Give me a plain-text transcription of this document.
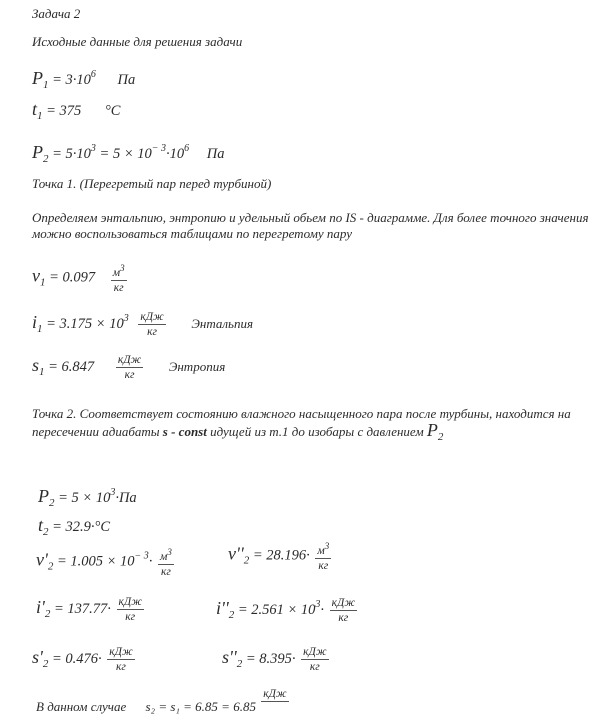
Задача 2
Исходные данные для решения задачи
$P_1 = 3\cdot 10^6$ Па
$t_1 = 375$ °C
$P_2 = 5\cdot 10^3 = 5 \times 10^{- 3}\cdot 10^6$ Па
Точка 1. (Перегретый пар перед турбиной)
Определяем энтальпию, энтропию и удельный обьем по IS - диаграмме. Для более точного значения можно воспользоваться таблицами по перегретому пару
$v_1 = 0.097 \frac{м^3}{кг}$
$i_1 = 3.175 \times 10^3 \frac{\text{кДж}}{кг}$ Энтальпия
$s_1 = 6.847 \frac{\text{кДж}}{кг}$ Энтропия
Точка 2. Соответствует состоянию влажного насыщенного пара после турбины, находится на пересечении адиабаты s - const идущей из т.1 до изобары с давлением $P_2$
$P_2 = 5 \times 10^3\cdot Па$
$t_2 = 32.9\cdot^\circ C$
$v'_2 = 1.005 \times 10^{- 3}\cdot \frac{м^3}{кг}$	$v''_2 = 28.196\cdot \frac{м^3}{кг}$
$i'_2 = 137.77\cdot \frac{\text{кДж}}{кг}$	$i''_2 = 2.561 \times 10^3\cdot \frac{\text{кДж}}{кг}$
$s'_2 = 0.476\cdot \frac{\text{кДж}}{кг}$	$s''_2 = 8.395\cdot \frac{\text{кДж}}{кг}$
В данном случае s₂ = s₁ = 6.85 = 6.85
кДж
